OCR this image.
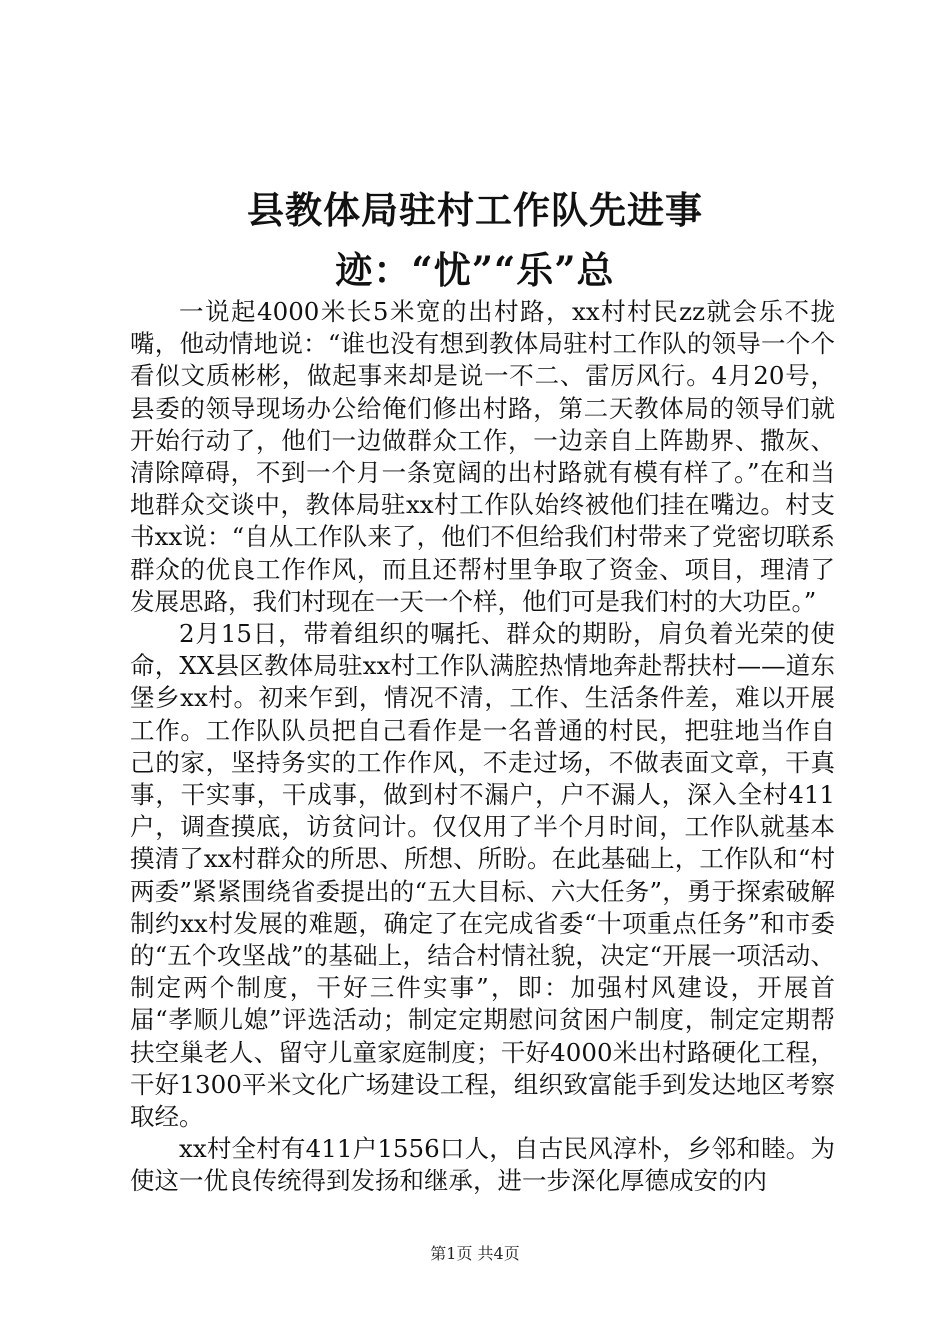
县教体局驻村工作队先进事迹：“忧”“乐”总

一说起4000米长5米宽的出村路，xx村村民zz就会乐不拢嘴，他动情地说：“谁也没有想到教体局驻村工作队的领导一个个看似文质彬彬，做起事来却是说一不二、雷厉风行。4月20号，县委的领导现场办公给俺们修出村路，第二天教体局的领导们就开始行动了，他们一边做群众工作，一边亲自上阵勘界、撒灰、清除障碍，不到一个月一条宽阔的出村路就有模有样了。”在和当地群众交谈中，教体局驻xx村工作队始终被他们挂在嘴边。村支书xx说：“自从工作队来了，他们不但给我们村带来了党密切联系群众的优良工作作风，而且还帮村里争取了资金、项目，理清了发展思路，我们村现在一天一个样，他们可是我们村的大功臣。”

2月15日，带着组织的嘱托、群众的期盼，肩负着光荣的使命，XX县区教体局驻xx村工作队满腔热情地奔赴帮扶村——道东堡乡xx村。初来乍到，情况不清，工作、生活条件差，难以开展工作。工作队队员把自己看作是一名普通的村民，把驻地当作自己的家，坚持务实的工作作风，不走过场，不做表面文章，干真事，干实事，干成事，做到村不漏户，户不漏人，深入全村411户，调查摸底，访贫问计。仅仅用了半个月时间，工作队就基本摸清了xx村群众的所思、所想、所盼。在此基础上，工作队和“村两委”紧紧围绕省委提出的“五大目标、六大任务”，勇于探索破解制约xx村发展的难题，确定了在完成省委“十项重点任务”和市委的“五个攻坚战”的基础上，结合村情社貌，决定“开展一项活动、制定两个制度，干好三件实事”，即：加强村风建设，开展首届“孝顺儿媳”评选活动；制定定期慰问贫困户制度，制定定期帮扶空巢老人、留守儿童家庭制度；干好4000米出村路硬化工程，干好1300平米文化广场建设工程，组织致富能手到发达地区考察取经。

xx村全村有411户1556口人，自古民风淳朴，乡邻和睦。为使这一优良传统得到发扬和继承，进一步深化厚德成安的内

第1页 共4页
